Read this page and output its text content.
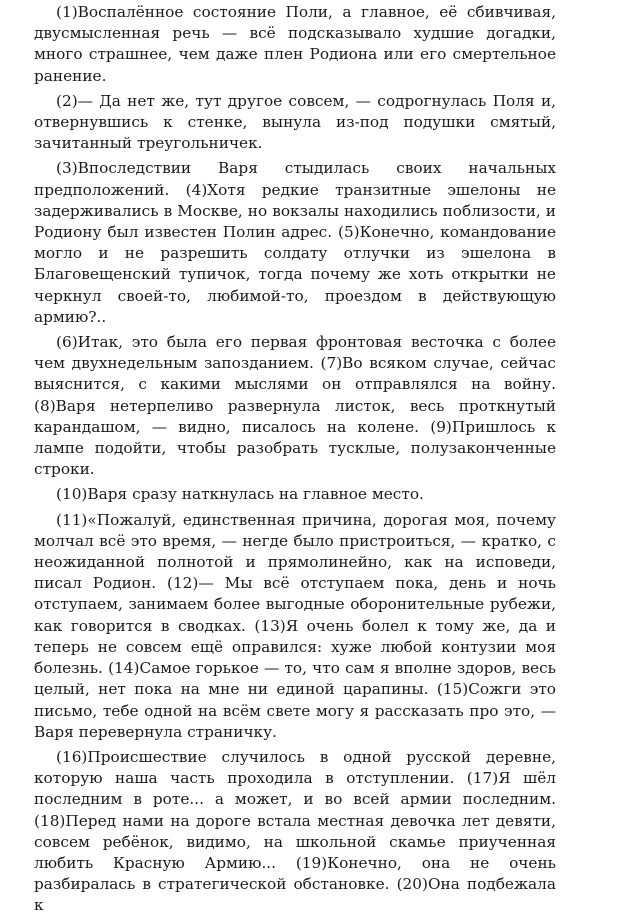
(1)Воспалённое состояние Поли, а главное, её сбивчивая, двусмысленная речь — всё подсказывало худшие догадки, много страшнее, чем даже плен Родиона или его смертельное ранение.

(2)— Да нет же, тут другое совсем, — содрогнулась Поля и, отвернувшись к стенке, вынула из-под подушки смятый, зачитанный треугольничек.

(3)Впоследствии Варя стыдилась своих начальных предположений. (4)Хотя редкие транзитные эшелоны не задерживались в Москве, но вокзалы находились поблизости, и Родиону был известен Полин адрес. (5)Конечно, командование могло и не разрешить солдату отлучки из эшелона в Благовещенский тупичок, тогда почему же хоть открытки не черкнул своей-то, любимой-то, проездом в действующую армию?..

(6)Итак, это была его первая фронтовая весточка с более чем двухнедельным запозданием. (7)Во всяком случае, сейчас выяснится, с какими мыслями он отправлялся на войну. (8)Варя нетерпеливо развернула листок, весь проткнутый карандашом, — видно, писалось на колене. (9)Пришлось к лампе подойти, чтобы разобрать тусклые, полузаконченные строки.

(10)Варя сразу наткнулась на главное место.

(11)«Пожалуй, единственная причина, дорогая моя, почему молчал всё это время, — негде было пристроиться, — кратко, с неожиданной полнотой и прямолинейно, как на исповеди, писал Родион. (12)— Мы всё отступаем пока, день и ночь отступаем, занимаем более выгодные оборонительные рубежи, как говорится в сводках. (13)Я очень болел к тому же, да и теперь не совсем ещё оправился: хуже любой контузии моя болезнь. (14)Самое горькое — то, что сам я вполне здоров, весь целый, нет пока на мне ни единой царапины. (15)Сожги это письмо, тебе одной на всём свете могу я рассказать про это, — Варя перевернула страничку.

(16)Происшествие случилось в одной русской деревне, которую наша часть проходила в отступлении. (17)Я шёл последним в роте... а может, и во всей армии последним. (18)Перед нами на дороге встала местная девочка лет девяти, совсем ребёнок, видимо, на школьной скамье приученная любить Красную Армию... (19)Конечно, она не очень разбиралась в стратегической обстановке. (20)Она подбежала к
